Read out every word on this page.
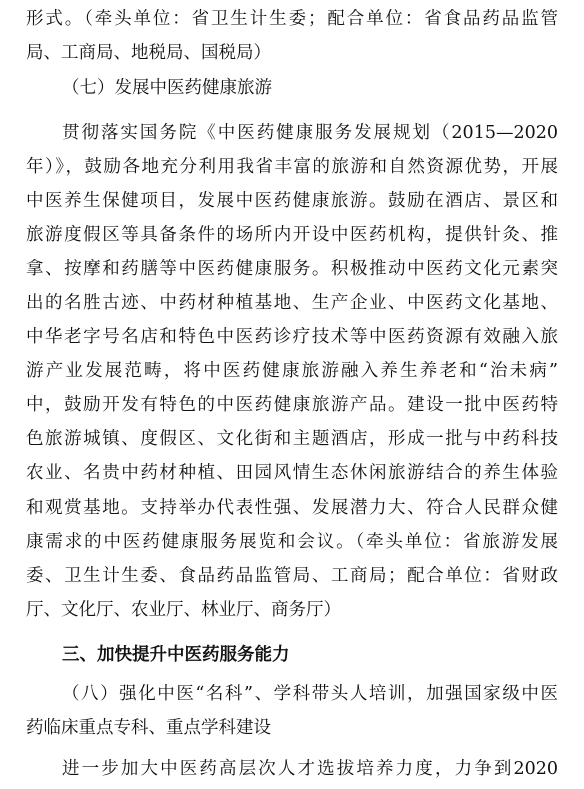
形式。（牵头单位：省卫生计生委；配合单位：省食品药品监管
局、工商局、地税局、国税局）
（七）发展中医药健康旅游
贯彻落实国务院《中医药健康服务发展规划（2015—2020
年）》，鼓励各地充分利用我省丰富的旅游和自然资源优势，开展
中医养生保健项目，发展中医药健康旅游。鼓励在酒店、景区和
旅游度假区等具备条件的场所内开设中医药机构，提供针灸、推
拿、按摩和药膳等中医药健康服务。积极推动中医药文化元素突
出的名胜古迹、中药材种植基地、生产企业、中医药文化基地、
中华老字号名店和特色中医药诊疗技术等中医药资源有效融入旅
游产业发展范畴，将中医药健康旅游融入养生养老和“治未病”
中，鼓励开发有特色的中医药健康旅游产品。建设一批中医药特
色旅游城镇、度假区、文化街和主题酒店，形成一批与中药科技
农业、名贵中药材种植、田园风情生态休闲旅游结合的养生体验
和观赏基地。支持举办代表性强、发展潜力大、符合人民群众健
康需求的中医药健康服务展览和会议。（牵头单位：省旅游发展
委、卫生计生委、食品药品监管局、工商局；配合单位：省财政
厅、文化厅、农业厅、林业厅、商务厅）
三、加快提升中医药服务能力
（八）强化中医“名科”、学科带头人培训，加强国家级中医
药临床重点专科、重点学科建设
进一步加大中医药高层次人才选拔培养力度，力争到2020
